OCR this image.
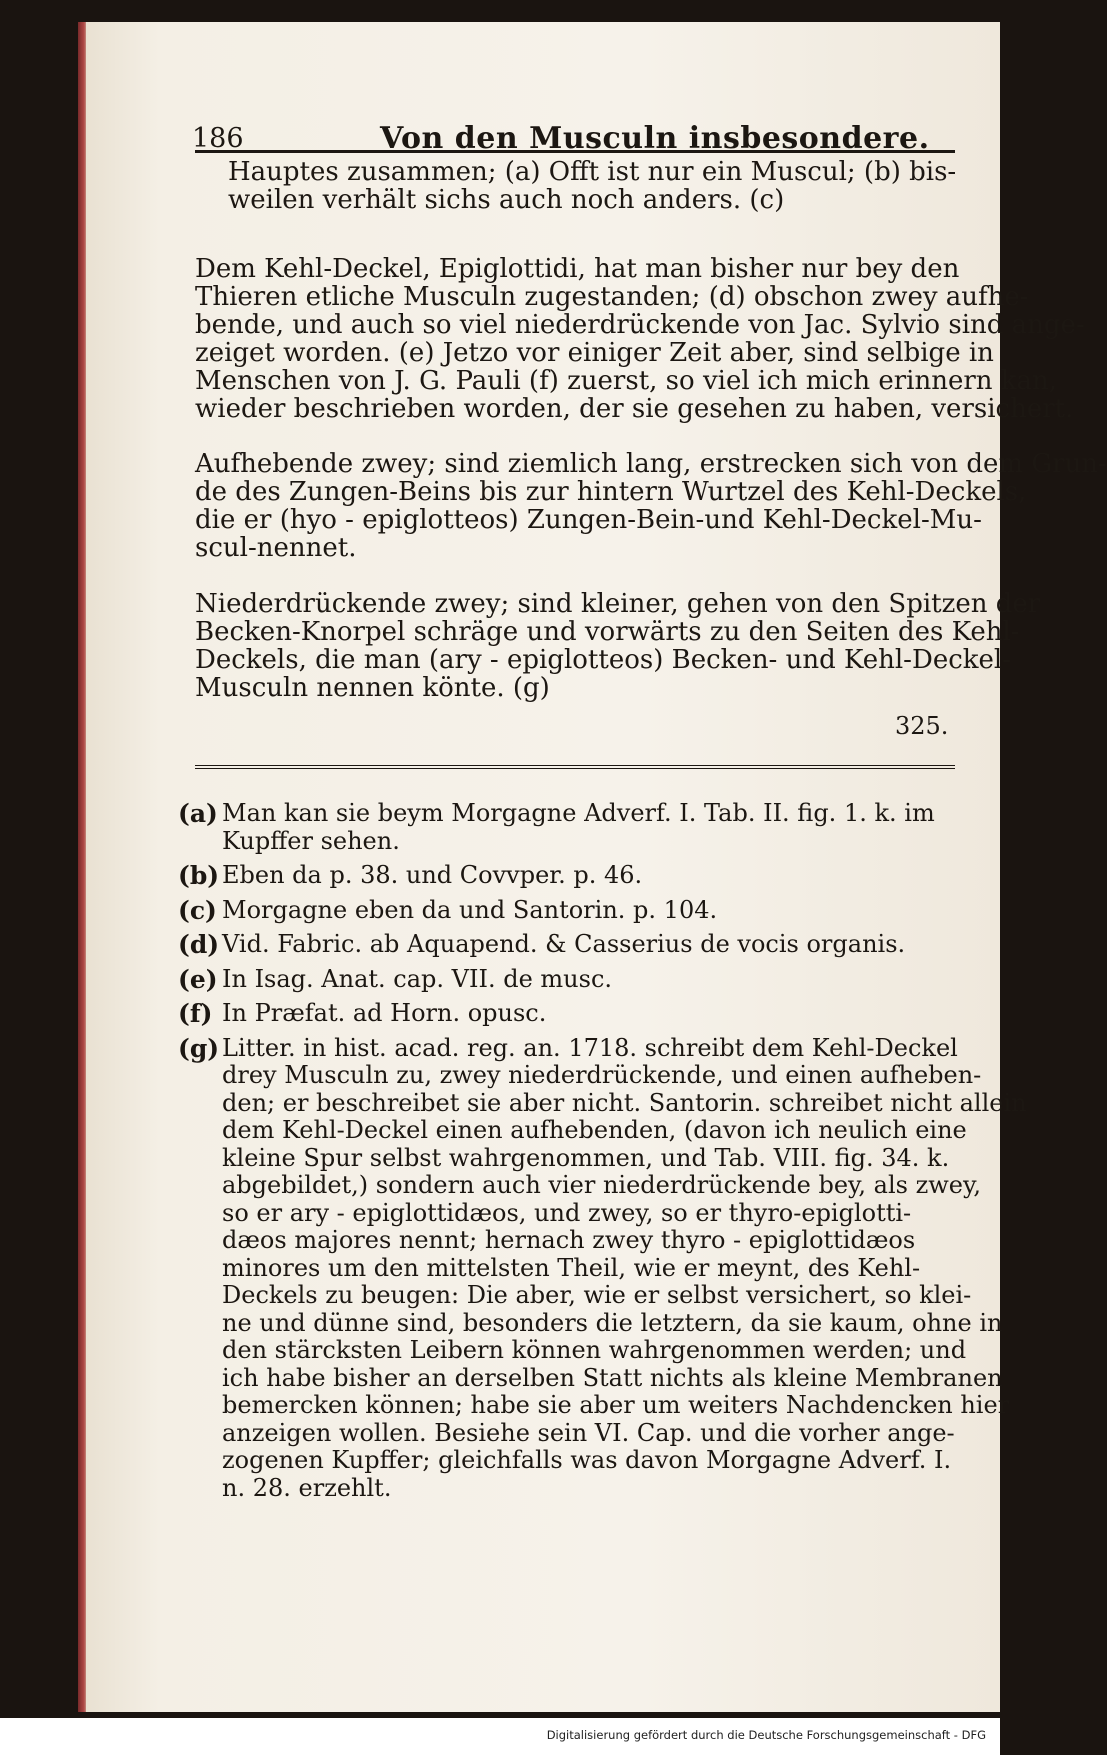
186	Von den Musculn insbesondere.
Hauptes zusammen; (a) Offt ist nur ein Muscul; (b) bis-
weilen verhält sichs auch noch anders. (c)
Dem Kehl-Deckel, Epiglottidi, hat man bisher nur bey den
Thieren etliche Musculn zugestanden; (d) obschon zwey aufhe-
bende, und auch so viel niederdrückende von Jac. Sylvio sind ange-
zeiget worden. (e) Jetzo vor einiger Zeit aber, sind selbige in
Menschen von J. G. Pauli (f) zuerst, so viel ich mich erinnern kan,
wieder beschrieben worden, der sie gesehen zu haben, versichert.
Aufhebende zwey; sind ziemlich lang, erstrecken sich von dem Grun-
de des Zungen-Beins bis zur hintern Wurtzel des Kehl-Deckels,
die er (hyo - epiglotteos) Zungen-Bein-und Kehl-Deckel-Mu-
scul-nennet.
Niederdrückende zwey; sind kleiner, gehen von den Spitzen der
Becken-Knorpel schräge und vorwärts zu den Seiten des Kehl-
Deckels, die man (ary - epiglotteos) Becken- und Kehl-Deckel-
Musculn nennen könte. (g)
325.
(a) Man kan sie beym Morgagne Adverf. I. Tab. II. fig. 1. k. im
Kupffer sehen.
(b) Eben da p. 38. und Covvper. p. 46.
(c) Morgagne eben da und Santorin. p. 104.
(d) Vid. Fabric. ab Aquapend. & Casserius de vocis organis.
(e) In Isag. Anat. cap. VII. de musc.
(f) In Præfat. ad Horn. opusc.
(g) Litter. in hist. acad. reg. an. 1718. schreibt dem Kehl-Deckel
drey Musculn zu, zwey niederdrückende, und einen aufheben-
den; er beschreibet sie aber nicht. Santorin. schreibet nicht allein
dem Kehl-Deckel einen aufhebenden, (davon ich neulich eine
kleine Spur selbst wahrgenommen, und Tab. VIII. fig. 34. k.
abgebildet,) sondern auch vier niederdrückende bey, als zwey,
so er ary - epiglottidæos, und zwey, so er thyro-epiglotti-
dæos majores nennt; hernach zwey thyro - epiglottidæos
minores um den mittelsten Theil, wie er meynt, des Kehl-
Deckels zu beugen: Die aber, wie er selbst versichert, so klei-
ne und dünne sind, besonders die letztern, da sie kaum, ohne in
den stärcksten Leibern können wahrgenommen werden; und
ich habe bisher an derselben Statt nichts als kleine Membranen
bemercken können; habe sie aber um weiters Nachdencken hier
anzeigen wollen. Besiehe sein VI. Cap. und die vorher ange-
zogenen Kupffer; gleichfalls was davon Morgagne Adverf. I.
n. 28. erzehlt.
Digitalisierung gefördert durch die Deutsche Forschungsgemeinschaft - DFG
